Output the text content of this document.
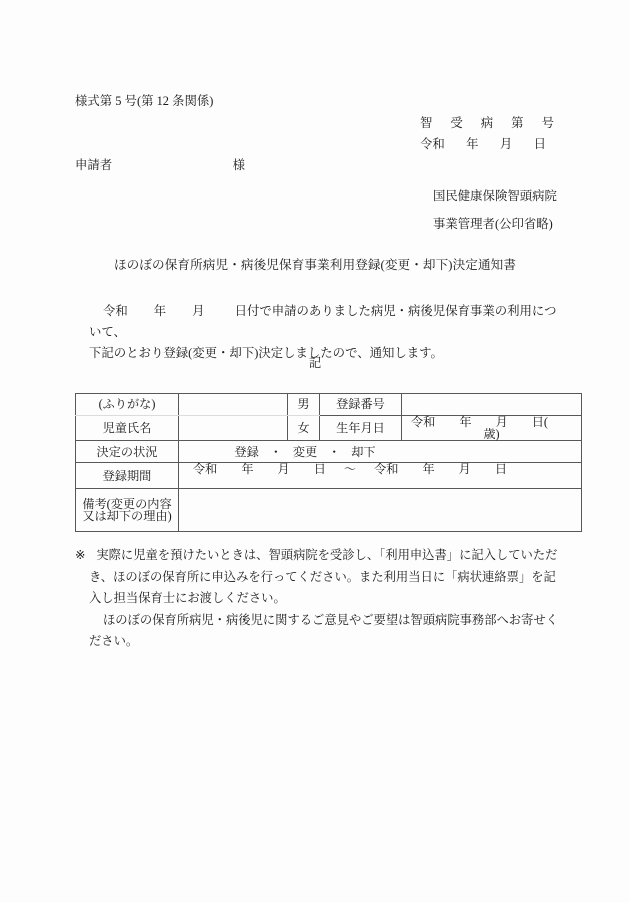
様式第 5 号(第 12 条関係)
智 受 病 第 号
令和 年 月 日
申請者	様
国民健康保険智頭病院
事業管理者(公印省略)
ほのぼの保育所病児・病後児保育事業利用登録(変更・却下)決定通知書
令和 年 月 日付で申請のありました病児・病後児保育事業の利用について、
下記のとおり登録(変更・却下)決定しましたので、通知します。
記
(ふりがな)		男	登録番号	
児童氏名		女	生年月日	令和 年 月 日(歳)
決定の状況	登録 ・ 変更 ・ 却下			
登録期間	令和 年 月 日 〜 令和 年 月 日			
備考(変更の内容
又は却下の理由)				
※ 実際に児童を預けたいときは、智頭病院を受診し、「利用申込書」に記入していただき、ほのぼの保育所に申込みを行ってください。また利用当日に「病状連絡票」を記入し担当保育士にお渡しください。
ほのぼの保育所病児・病後児に関するご意見やご要望は智頭病院事務部へお寄せください。
